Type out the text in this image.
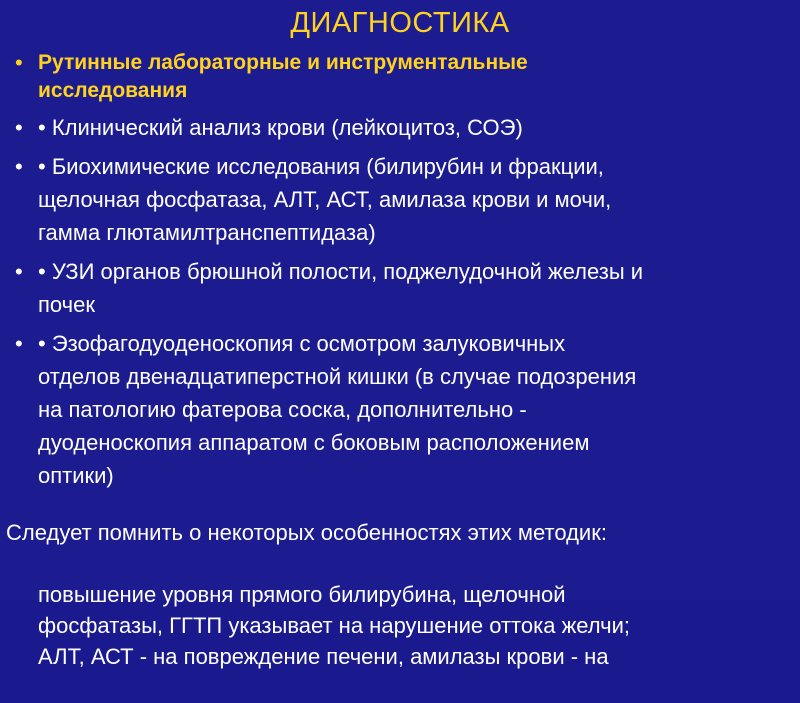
ДИАГНОСТИКА
• Рутинные лабораторные и инструментальные
исследования
• • Клинический анализ крови (лейкоцитоз, СОЭ)
• • Биохимические исследования (билирубин и фракции,
щелочная фосфатаза, АЛТ, АСТ, амилаза крови и мочи,
гамма глютамилтранспептидаза)
• • УЗИ органов брюшной полости, поджелудочной железы и
почек
• • Эзофагодуоденоскопия с осмотром залуковичных
отделов двенадцатиперстной кишки (в случае подозрения
на патологию фатерова соска, дополнительно -
дуоденоскопия аппаратом с боковым расположением
оптики)

Следует помнить о некоторых особенностях этих методик:

повышение уровня прямого билирубина, щелочной
фосфатазы, ГГТП указывает на нарушение оттока желчи;
АЛТ, АСТ - на повреждение печени, амилазы крови - на
